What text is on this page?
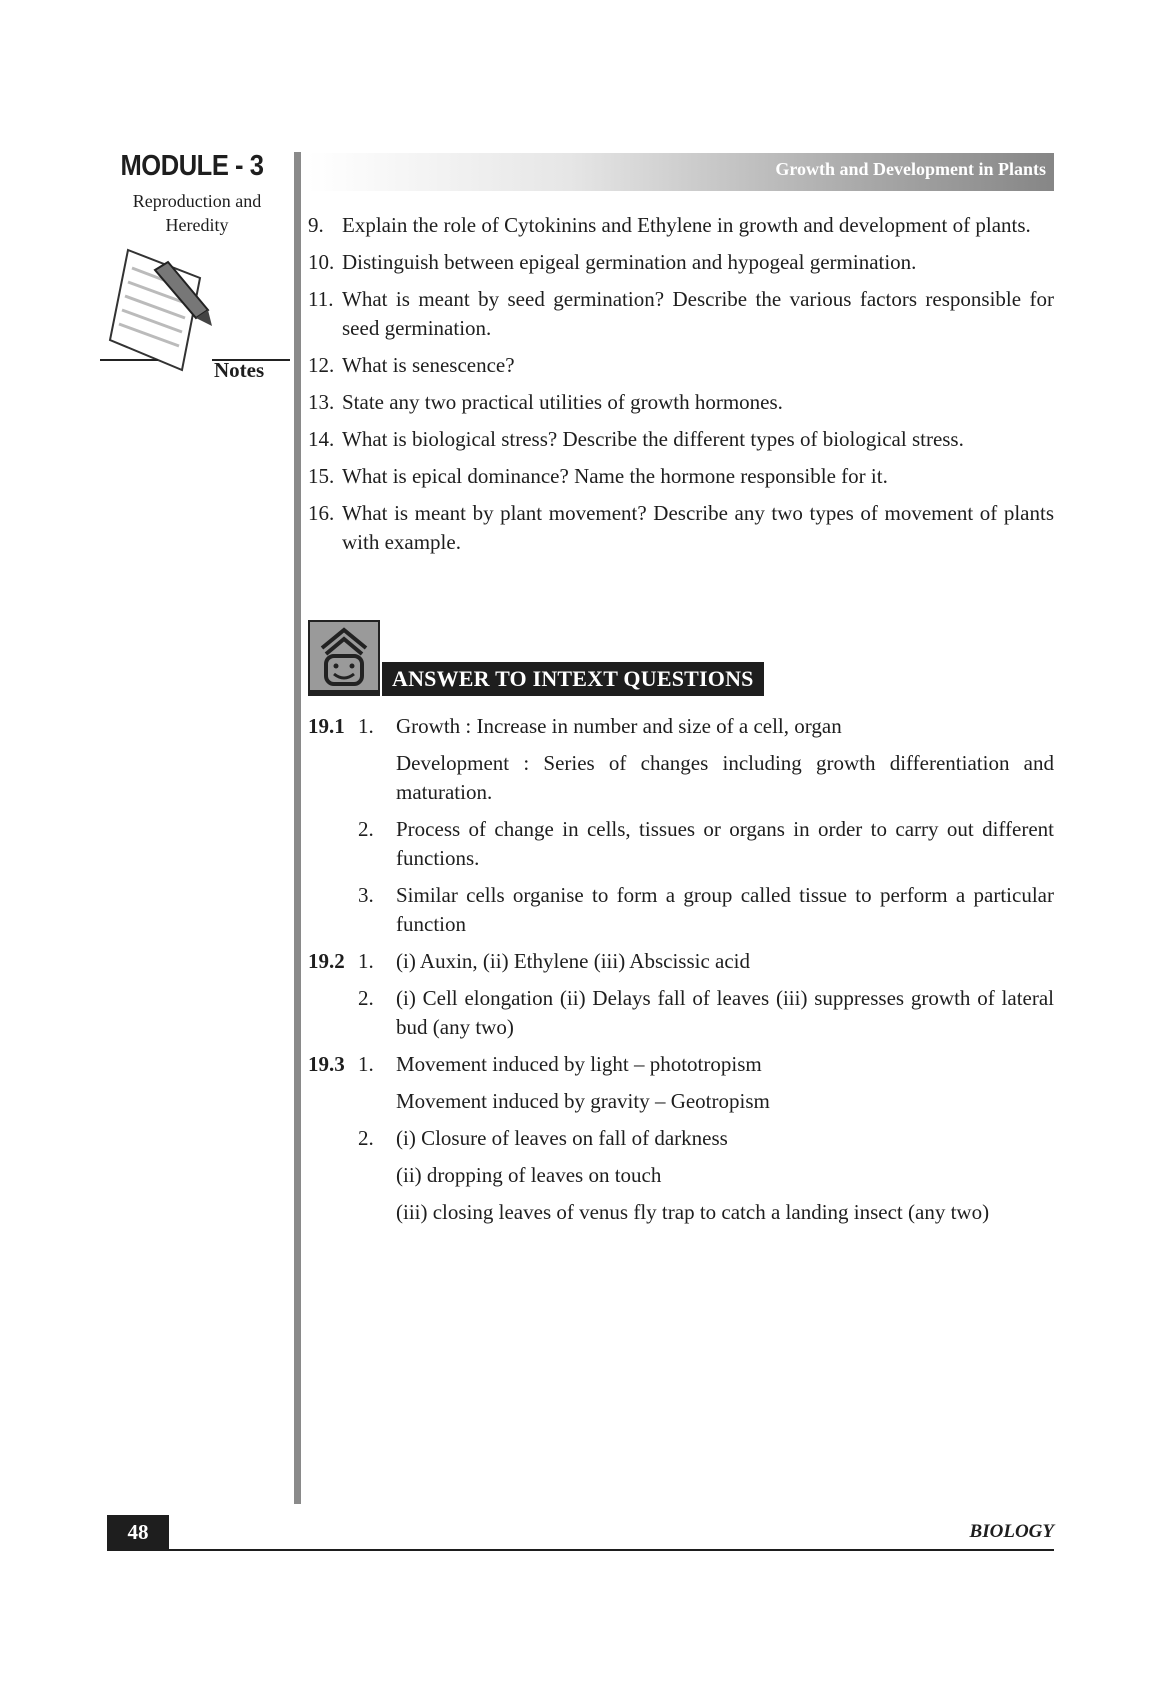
MODULE - 3
Reproduction and
Heredity
Notes
Growth and Development in Plants
9. Explain the role of Cytokinins and Ethylene in growth and development of plants.
10. Distinguish between epigeal germination and hypogeal germination.
11. What is meant by seed germination? Describe the various factors responsible for seed germination.
12. What is senescence?
13. State any two practical utilities of growth hormones.
14. What is biological stress? Describe the different types of biological stress.
15. What is epical dominance? Name the hormone responsible for it.
16. What is meant by plant movement? Describe any two types of movement of plants with example.
ANSWER TO INTEXT QUESTIONS
19.1 1.	Growth : Increase in number and size of a cell, organ
Development : Series of changes including growth differentiation and maturation.
2.	Process of change in cells, tissues or organs in order to carry out different functions.
3.	Similar cells organise to form a group called tissue to perform a particular function
19.2 1.	(i) Auxin, (ii) Ethylene (iii) Abscissic acid
2.	(i) Cell elongation (ii) Delays fall of leaves (iii) suppresses growth of lateral bud (any two)
19.3 1.	Movement induced by light – phototropism
Movement induced by gravity – Geotropism
2.	(i) Closure of leaves on fall of darkness
(ii) dropping of leaves on touch
(iii) closing leaves of venus fly trap to catch a landing insect (any two)
48	BIOLOGY
